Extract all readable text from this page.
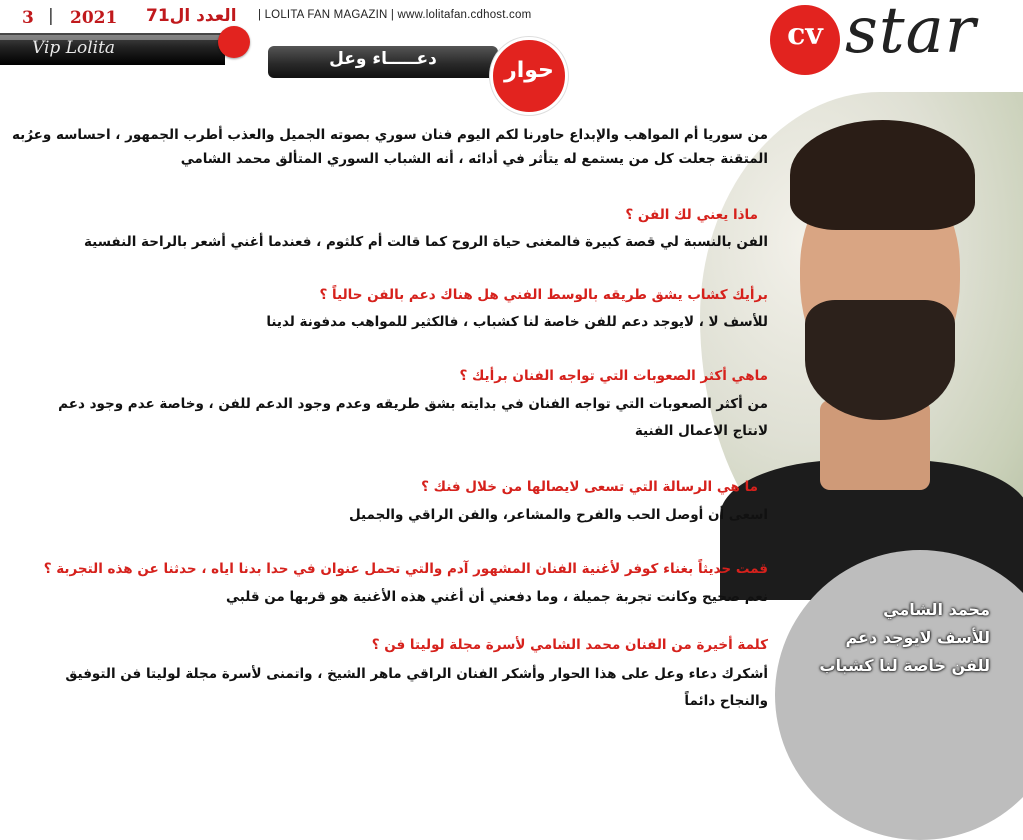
3 | 2021 العدد ال71 | LOLITA FAN MAGAZIN | www.lolitafan.cdhost.com
Vip Lolita
دعـــــاء وعل	حوار
cv star
محمد الشامي
للأسف لايوجد دعم
للفن خاصة لنا كشباب
من سوريا أم المواهب والإبداع حاورنا لكم اليوم فنان سوري بصوته الجميل والعذب أطرب الجمهور ، احساسه وعرُبه المتقنة جعلت كل من يستمع له يتأثر في أدائه ، أنه الشباب السوري المتألق محمد الشامي
ماذا يعني لك الفن ؟
الفن بالنسبة لي قصة كبيرة فالمغنى حياة الروح كما قالت أم كلثوم ، فعندما أغني أشعر بالراحة النفسية
برأيك كشاب يشق طريقه بالوسط الفني هل هناك دعم بالفن حالياً ؟
للأسف لا ، لايوجد دعم للفن خاصة لنا كشباب ، فالكثير للمواهب مدفونة لدينا
ماهي أكثر الصعوبات التي تواجه الفنان برأيك ؟
من أكثر الصعوبات التي تواجه الفنان في بدايته بشق طريقه وعدم وجود الدعم للفن ، وخاصة عدم وجود دعم
لانتاج الاعمال الفنية
ما هي الرسالة التي تسعى لايصالها من خلال فنك ؟
اسعى أن أوصل الحب والفرح والمشاعر، والفن الراقي والجميل
قمت حديثاً بغناء كوفر لأغنية الفنان المشهور آدم والتي تحمل عنوان في حدا بدنا اياه ، حدثنا عن هذه التجربة ؟
نعم صحيح وكانت تجربة جميلة ، وما دفعني أن أغني هذه الأغنية هو قربها من قلبي
كلمة أخيرة من الفنان محمد الشامي لأسرة مجلة لوليتا فن ؟
أشكرك دعاء وعل على هذا الحوار وأشكر الفنان الراقي ماهر الشيخ ، واتمنى لأسرة مجلة لوليتا فن التوفيق
والنجاح دائماً
